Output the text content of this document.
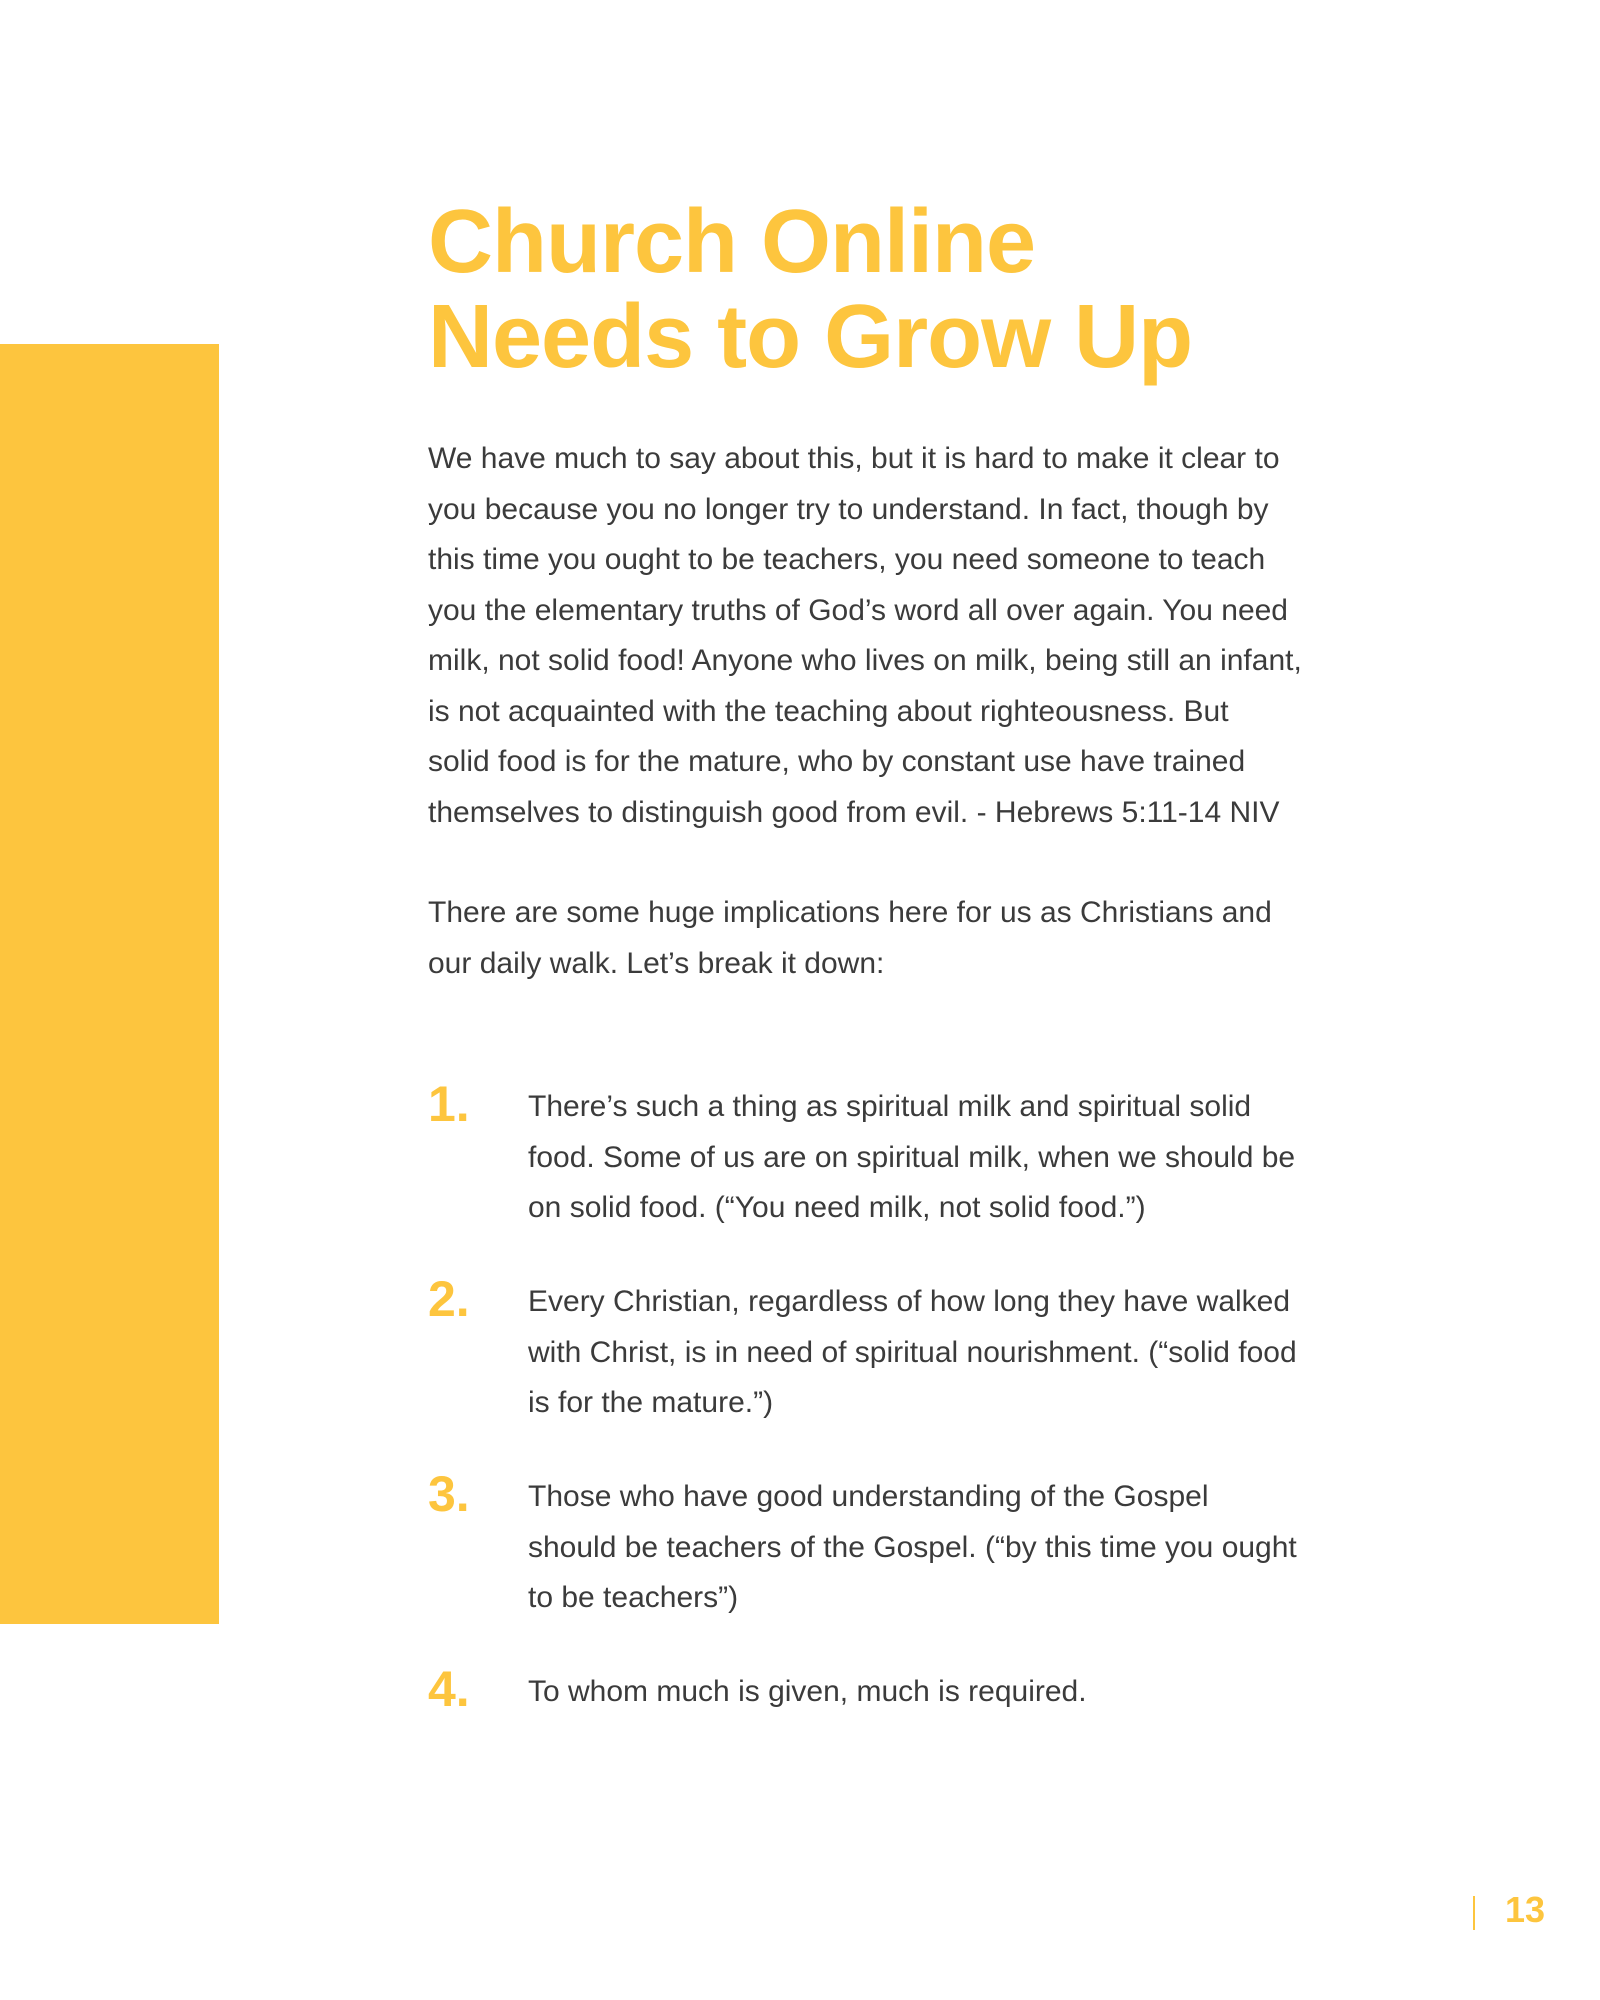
Church Online
Needs to Grow Up

We have much to say about this, but it is hard to make it clear to
you because you no longer try to understand. In fact, though by
this time you ought to be teachers, you need someone to teach
you the elementary truths of God’s word all over again. You need
milk, not solid food! Anyone who lives on milk, being still an infant,
is not acquainted with the teaching about righteousness. But
solid food is for the mature, who by constant use have trained
themselves to distinguish good from evil. - Hebrews 5:11-14 NIV

There are some huge implications here for us as Christians and
our daily walk. Let’s break it down:

1. There’s such a thing as spiritual milk and spiritual solid
food. Some of us are on spiritual milk, when we should be
on solid food. (“You need milk, not solid food.”)
2. Every Christian, regardless of how long they have walked
with Christ, is in need of spiritual nourishment. (“solid food
is for the mature.”)
3. Those who have good understanding of the Gospel
should be teachers of the Gospel. (“by this time you ought
to be teachers”)
4. To whom much is given, much is required.
13
